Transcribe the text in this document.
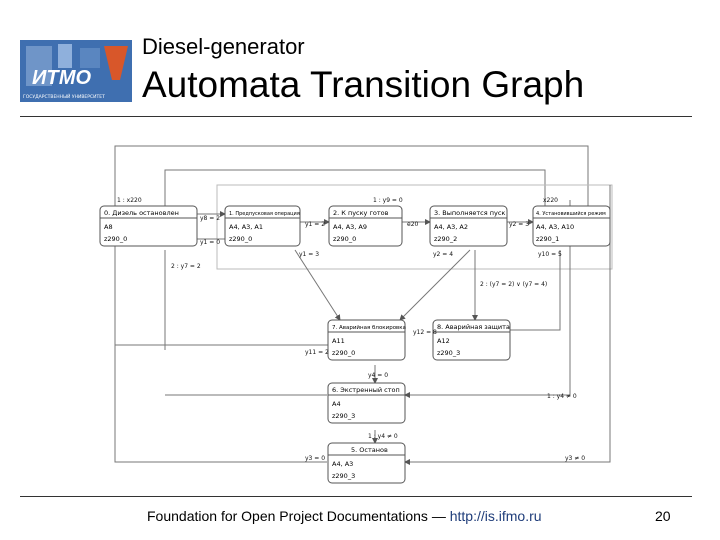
ИТМО
ГОСУДАРСТВЕННЫЙ УНИВЕРСИТЕТ
Diesel-generator
Automata Transition Graph
0. Дизель остановлен
A8
z290_0
1. Предпусковая операция
A4, A3, A1
z290_0
2. К пуску готов
A4, A3, A9
z290_0
3. Выполняется пуск
A4, A3, A2
z290_2
4. Установившийся режим
A4, A3, A10
z290_1
7. Аварийная блокировка
A11
z290_0
8. Аварийная защита
A12
z290_3
6. Экстренный стоп
A4
z290_3
5. Останов
A4, A3
z290_3
1 : x220	1 : y9 = 0	x220
y8 = 2
y1 = 2	e20	y2 = 3
y1 = 0
2 : y7 = 2
y1 = 3	y2 = 4	y10 = 5
2 : (y7 = 2) ∨ (y7 = 4)
y12 = 8
y11 = 2
y4 = 0
1 : y4 ≠ 0
1 : y4 ≠ 0
y3 = 0	y3 ≠ 0
Foundation for Open Project Documentations — http://is.ifmo.ru	20
